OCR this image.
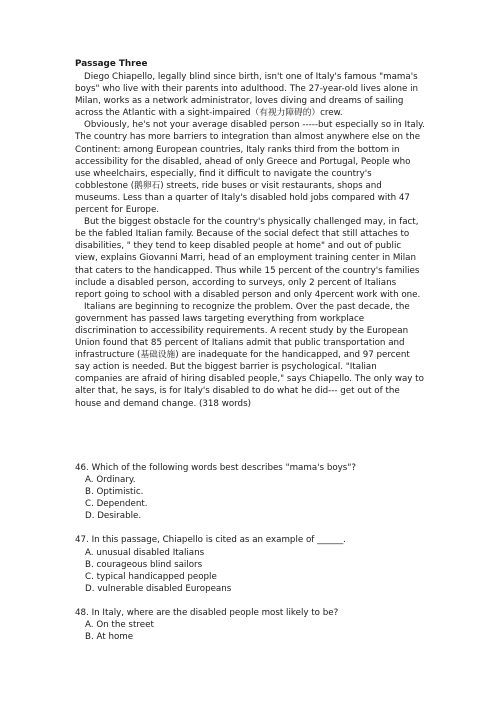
Passage Three

Diego Chiapello, legally blind since birth, isn't one of Italy's famous "mama's boys" who live with their parents into adulthood. The 27-year-old lives alone in Milan, works as a network administrator, loves diving and dreams of sailing across the Atlantic with a sight-impaired（有视力障碍的）crew.

Obviously, he's not your average disabled person -----but especially so in Italy. The country has more barriers to integration than almost anywhere else on the Continent: among European countries, Italy ranks third from the bottom in accessibility for the disabled, ahead of only Greece and Portugal, People who use wheelchairs, especially, find it difficult to navigate the country's cobblestone (鹅卵石) streets, ride buses or visit restaurants, shops and museums. Less than a quarter of Italy's disabled hold jobs compared with 47 percent for Europe.

But the biggest obstacle for the country's physically challenged may, in fact, be the fabled Italian family. Because of the social defect that still attaches to disabilities, " they tend to keep disabled people at home" and out of public view, explains Giovanni Marri, head of an employment training center in Milan that caters to the handicapped. Thus while 15 percent of the country's families include a disabled person, according to surveys, only 2 percent of Italians report going to school with a disabled person and only 4percent work with one.

Italians are beginning to recognize the problem. Over the past decade, the government has passed laws targeting everything from workplace discrimination to accessibility requirements. A recent study by the European Union found that 85 percent of Italians admit that public transportation and infrastructure (基础设施) are inadequate for the handicapped, and 97 percent say action is needed. But the biggest barrier is psychological. "Italian companies are afraid of hiring disabled people," says Chiapello. The only way to alter that, he says, is for Italy's disabled to do what he did--- get out of the house and demand change. (318 words)

46. Which of the following words best describes "mama's boys"?

A. Ordinary.

B. Optimistic.

C. Dependent.

D. Desirable.

47. In this passage, Chiapello is cited as an example of ______.

A. unusual disabled Italians

B. courageous blind sailors

C. typical handicapped people

D. vulnerable disabled Europeans

48. In Italy, where are the disabled people most likely to be?

A. On the street

B. At home
